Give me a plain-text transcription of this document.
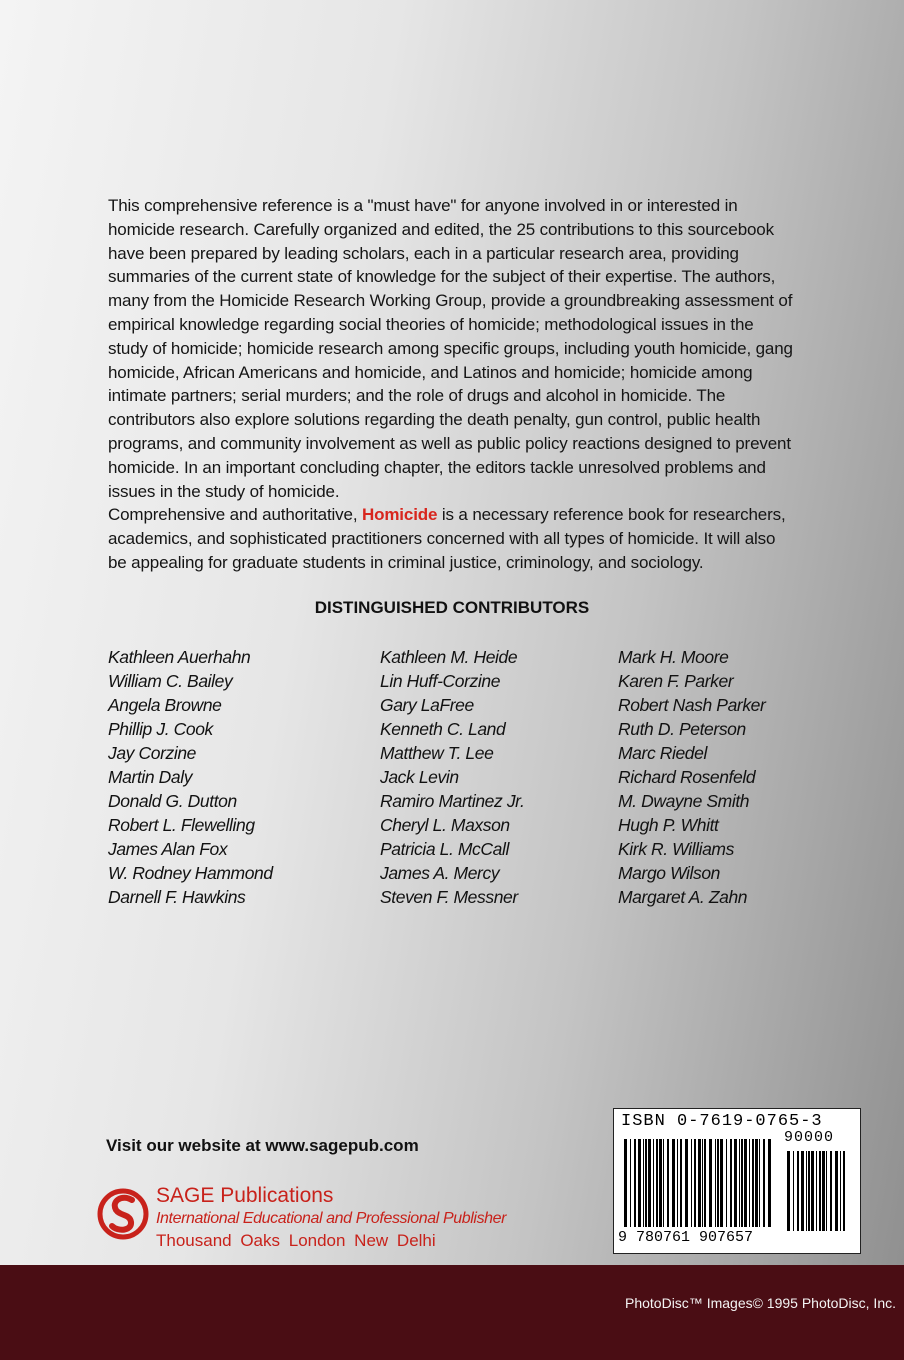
This comprehensive reference is a "must have" for anyone involved in or interested in homicide research. Carefully organized and edited, the 25 contributions to this sourcebook have been prepared by leading scholars, each in a particular research area, providing summaries of the current state of knowledge for the subject of their expertise. The authors, many from the Homicide Research Working Group, provide a groundbreaking assessment of empirical knowledge regarding social theories of homicide; methodological issues in the study of homicide; homicide research among specific groups, including youth homicide, gang homicide, African Americans and homicide, and Latinos and homicide; homicide among intimate partners; serial murders; and the role of drugs and alcohol in homicide. The contributors also explore solutions regarding the death penalty, gun control, public health programs, and community involvement as well as public policy reactions designed to prevent homicide. In an important concluding chapter, the editors tackle unresolved problems and issues in the study of homicide.

Comprehensive and authoritative, Homicide is a necessary reference book for researchers, academics, and sophisticated practitioners concerned with all types of homicide. It will also be appealing for graduate students in criminal justice, criminology, and sociology.

DISTINGUISHED CONTRIBUTORS
Kathleen Auerhahn
William C. Bailey
Angela Browne
Phillip J. Cook
Jay Corzine
Martin Daly
Donald G. Dutton
Robert L. Flewelling
James Alan Fox
W. Rodney Hammond
Darnell F. Hawkins
Kathleen M. Heide
Lin Huff-Corzine
Gary LaFree
Kenneth C. Land
Matthew T. Lee
Jack Levin
Ramiro Martinez Jr.
Cheryl L. Maxson
Patricia L. McCall
James A. Mercy
Steven F. Messner
Mark H. Moore
Karen F. Parker
Robert Nash Parker
Ruth D. Peterson
Marc Riedel
Richard Rosenfeld
M. Dwayne Smith
Hugh P. Whitt
Kirk R. Williams
Margo Wilson
Margaret A. Zahn

Visit our website at www.sagepub.com

SAGE Publications
International Educational and Professional Publisher
Thousand Oaks London New Delhi

ISBN 0-7619-0765-3

90000
9 780761 907657
PhotoDisc™ Images© 1995 PhotoDisc, Inc.
